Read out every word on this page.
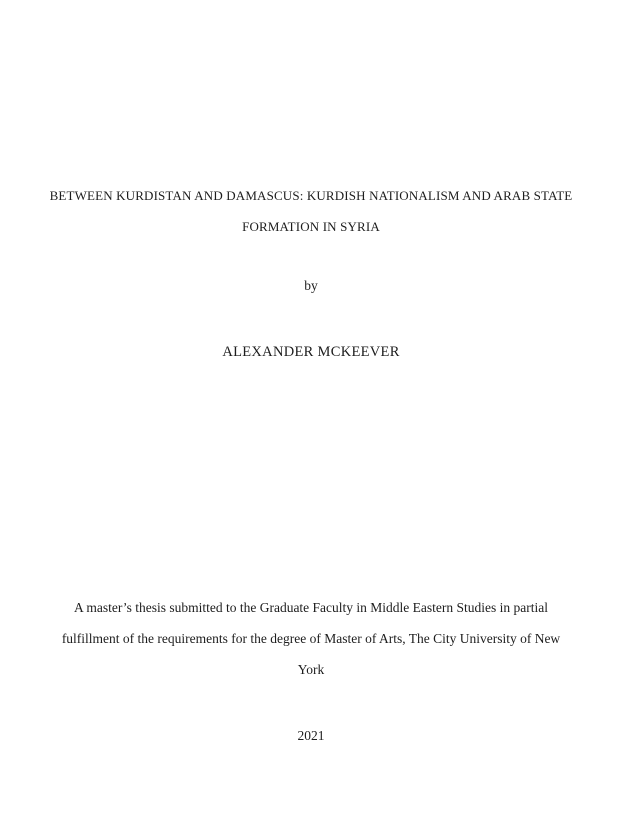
BETWEEN KURDISTAN AND DAMASCUS: KURDISH NATIONALISM AND ARAB STATE
FORMATION IN SYRIA
by
ALEXANDER MCKEEVER
A master’s thesis submitted to the Graduate Faculty in Middle Eastern Studies in partial
fulfillment of the requirements for the degree of Master of Arts, The City University of New
York
2021
